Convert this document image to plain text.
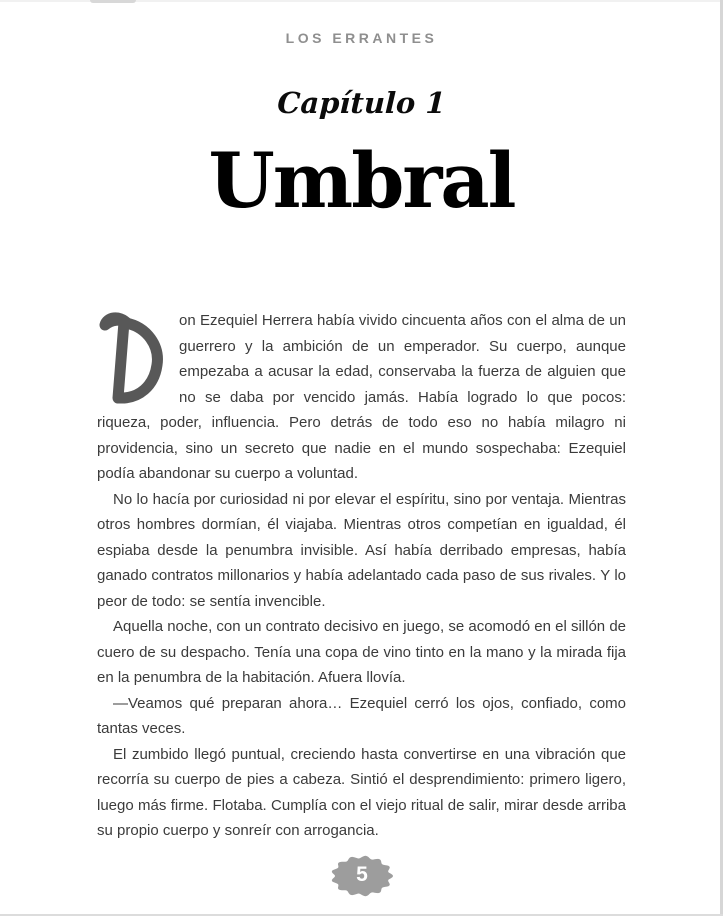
LOS ERRANTES
Capítulo 1
Umbral

on Ezequiel Herrera había vivido cincuenta años con el alma de un guerrero y la ambición de un emperador. Su cuerpo, aunque empezaba a acusar la edad, conservaba la fuerza de alguien que no se daba por vencido jamás. Había logrado lo que pocos: riqueza, poder, influencia. Pero detrás de todo eso no había milagro ni providencia, sino un secreto que nadie en el mundo sospechaba: Ezequiel podía abandonar su cuerpo a voluntad.

No lo hacía por curiosidad ni por elevar el espíritu, sino por ventaja. Mientras otros hombres dormían, él viajaba. Mientras otros competían en igualdad, él espiaba desde la penumbra invisible. Así había derribado empresas, había ganado contratos millonarios y había adelantado cada paso de sus rivales. Y lo peor de todo: se sentía invencible.

Aquella noche, con un contrato decisivo en juego, se acomodó en el sillón de cuero de su despacho. Tenía una copa de vino tinto en la mano y la mirada fija en la penumbra de la habitación. Afuera llovía.

—Veamos qué preparan ahora… Ezequiel cerró los ojos, confiado, como tantas veces.

El zumbido llegó puntual, creciendo hasta convertirse en una vibración que recorría su cuerpo de pies a cabeza. Sintió el desprendimiento: primero ligero, luego más firme. Flotaba. Cumplía con el viejo ritual de salir, mirar desde arriba su propio cuerpo y sonreír con arrogancia.

5
